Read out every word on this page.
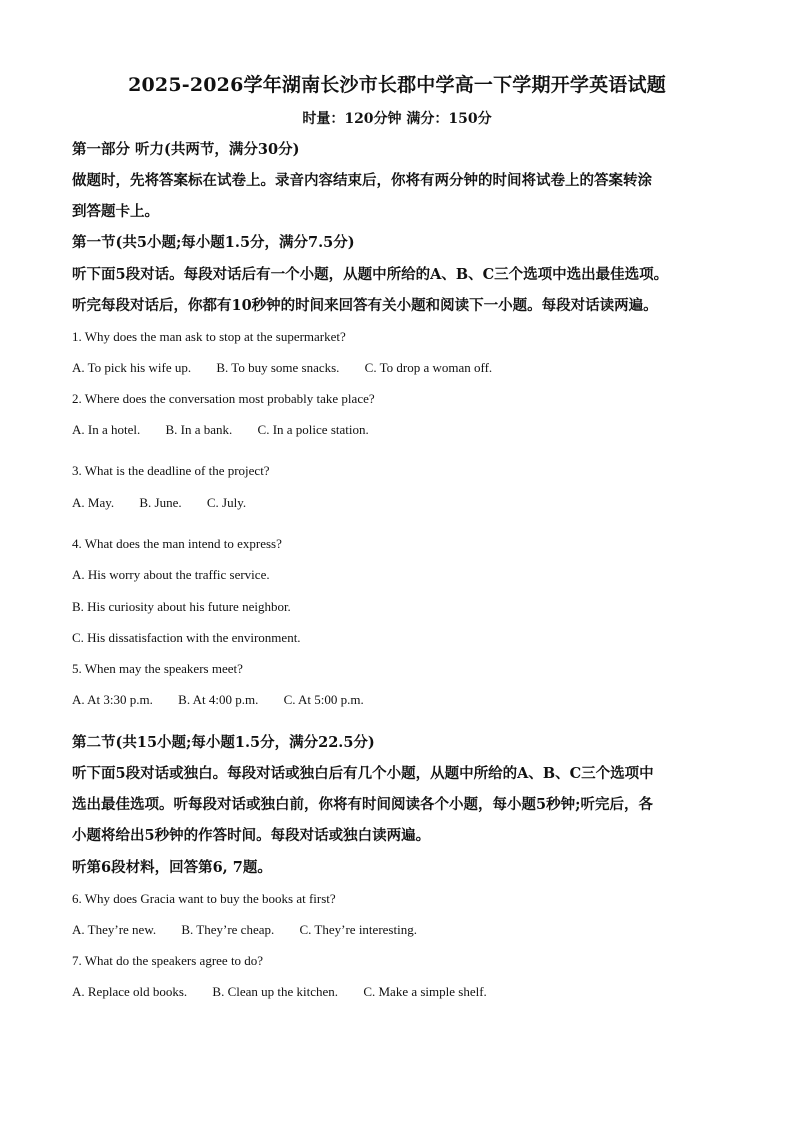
2025-2026学年湖南长沙市长郡中学高一下学期开学英语试题
时量：120分钟 满分：150分
第一部分 听力(共两节，满分30分)
做题时，先将答案标在试卷上。录音内容结束后，你将有两分钟的时间将试卷上的答案转涂
到答题卡上。
第一节(共5小题;每小题1.5分，满分7.5分)
听下面5段对话。每段对话后有一个小题，从题中所给的A、B、C三个选项中选出最佳选项。
听完每段对话后，你都有10秒钟的时间来回答有关小题和阅读下一小题。每段对话读两遍。
1. Why does the man ask to stop at the supermarket?
A. To pick his wife up. B. To buy some snacks. C. To drop a woman off.
2. Where does the conversation most probably take place?
A. In a hotel. B. In a bank. C. In a police station.
3. What is the deadline of the project?
A. May. B. June. C. July.
4. What does the man intend to express?
A. His worry about the traffic service.
B. His curiosity about his future neighbor.
C. His dissatisfaction with the environment.
5. When may the speakers meet?
A. At 3:30 p.m. B. At 4:00 p.m. C. At 5:00 p.m.
第二节(共15小题;每小题1.5分，满分22.5分)
听下面5段对话或独白。每段对话或独白后有几个小题，从题中所给的A、B、C三个选项中
选出最佳选项。听每段对话或独白前，你将有时间阅读各个小题，每小题5秒钟;听完后，各
小题将给出5秒钟的作答时间。每段对话或独白读两遍。
听第6段材料，回答第6, 7题。
6. Why does Gracia want to buy the books at first?
A. They’re new. B. They’re cheap. C. They’re interesting.
7. What do the speakers agree to do?
A. Replace old books. B. Clean up the kitchen. C. Make a simple shelf.
